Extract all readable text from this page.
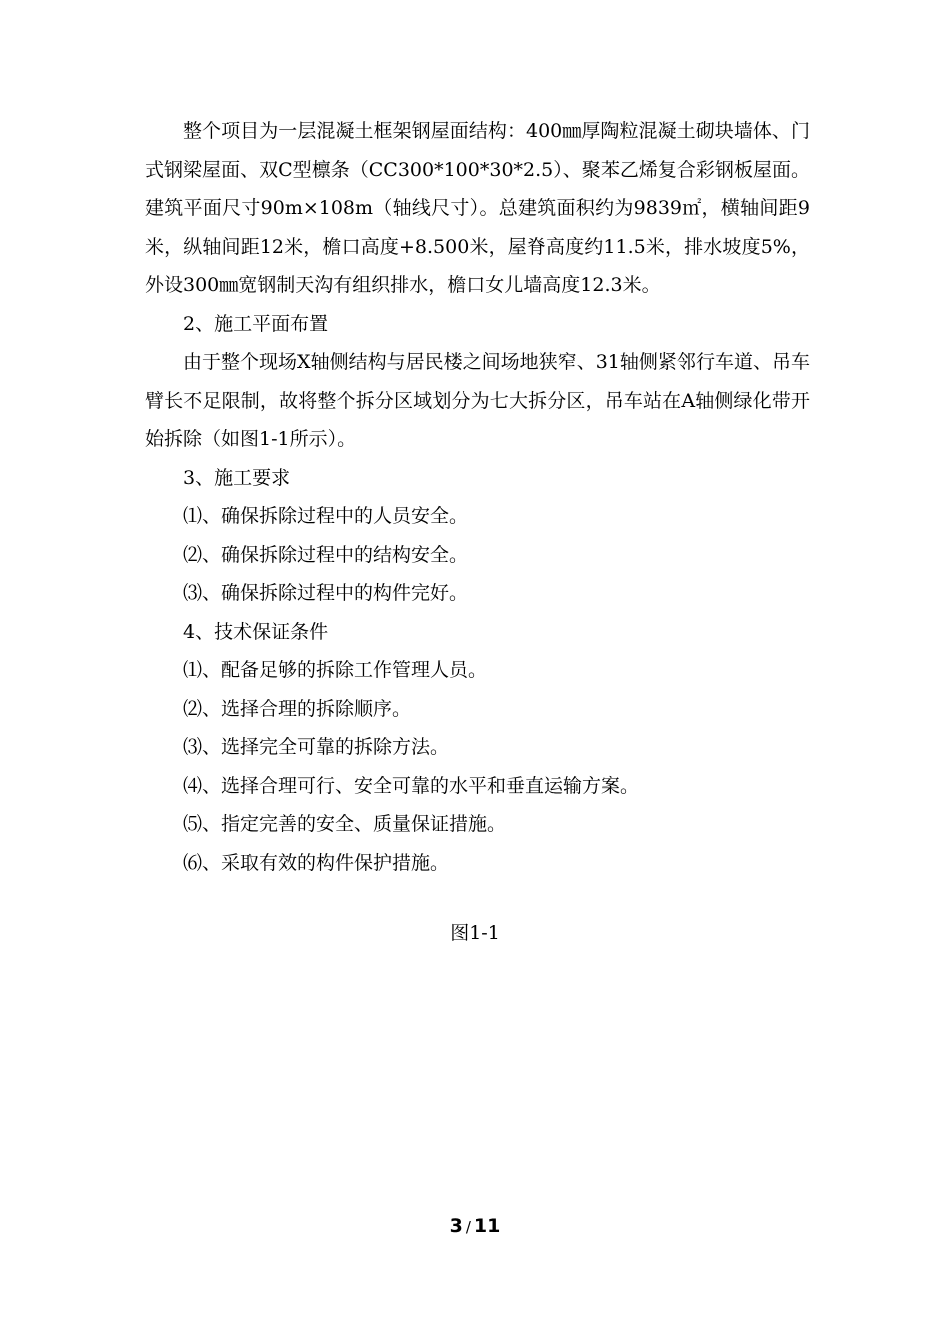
整个项目为一层混凝土框架钢屋面结构：400㎜厚陶粒混凝土砌块墙体、门式钢梁屋面、双C型檩条（CC300*100*30*2.5）、聚苯乙烯复合彩钢板屋面。建筑平面尺寸90m×108m（轴线尺寸）。总建筑面积约为9839㎡，横轴间距9米，纵轴间距12米，檐口高度+8.500米，屋脊高度约11.5米，排水坡度5%，外设300㎜宽钢制天沟有组织排水，檐口女儿墙高度12.3米。

2、施工平面布置

由于整个现场X轴侧结构与居民楼之间场地狭窄、31轴侧紧邻行车道、吊车臂长不足限制，故将整个拆分区域划分为七大拆分区，吊车站在A轴侧绿化带开始拆除（如图1-1所示）。

3、施工要求

⑴、确保拆除过程中的人员安全。

⑵、确保拆除过程中的结构安全。

⑶、确保拆除过程中的构件完好。

4、技术保证条件

⑴、配备足够的拆除工作管理人员。

⑵、选择合理的拆除顺序。

⑶、选择完全可靠的拆除方法。

⑷、选择合理可行、安全可靠的水平和垂直运输方案。

⑸、指定完善的安全、质量保证措施。

⑹、采取有效的构件保护措施。

图1-1

3 / 11
